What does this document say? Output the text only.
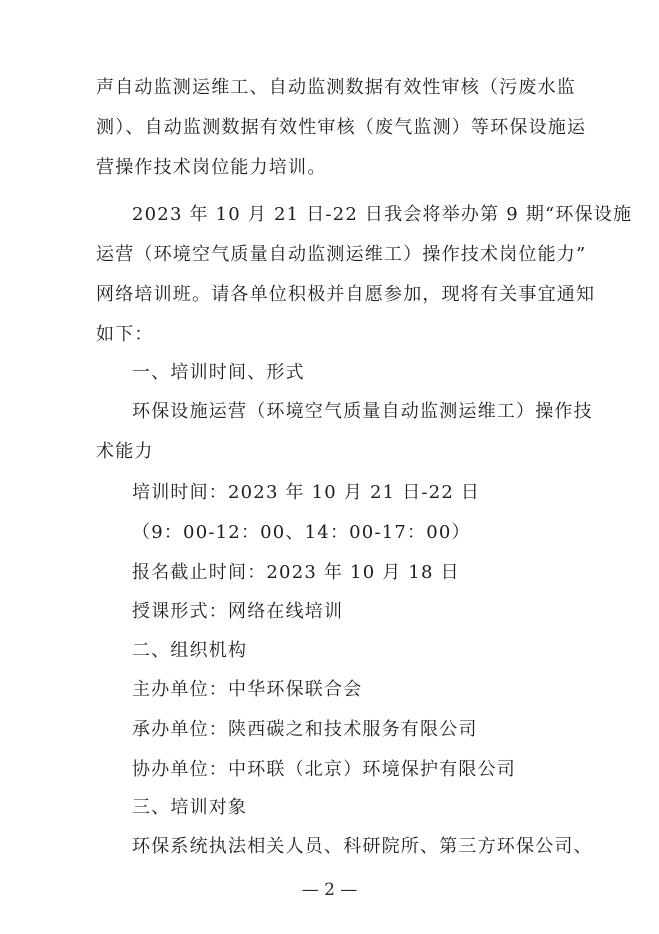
声自动监测运维工、自动监测数据有效性审核（污废水监
测）、自动监测数据有效性审核（废气监测）等环保设施运
营操作技术岗位能力培训。
2023 年 10 月 21 日-22 日我会将举办第 9 期“环保设施
运营（环境空气质量自动监测运维工）操作技术岗位能力”
网络培训班。请各单位积极并自愿参加，现将有关事宜通知
如下：
一、培训时间、形式
环保设施运营（环境空气质量自动监测运维工）操作技
术能力
培训时间：2023 年 10 月 21 日-22 日
（9：00-12：00、14：00-17：00）
报名截止时间：2023 年 10 月 18 日
授课形式：网络在线培训
二、组织机构
主办单位：中华环保联合会
承办单位：陕西碳之和技术服务有限公司
协办单位：中环联（北京）环境保护有限公司
三、培训对象
环保系统执法相关人员、科研院所、第三方环保公司、
— 2 —
